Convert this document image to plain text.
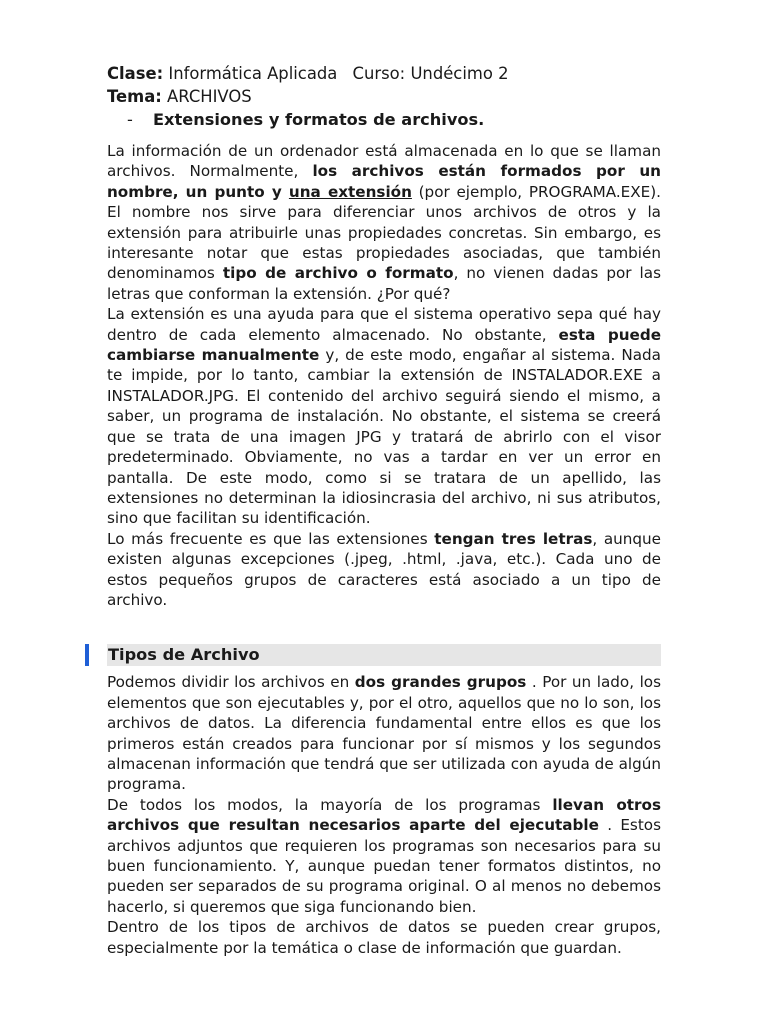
Clase: Informática Aplicada Curso: Undécimo 2
Tema: ARCHIVOS
- Extensiones y formatos de archivos.

La información de un ordenador está almacenada en lo que se llaman archivos. Normalmente, los archivos están formados por un nombre, un punto y una extensión (por ejemplo, PROGRAMA.EXE). El nombre nos sirve para diferenciar unos archivos de otros y la extensión para atribuirle unas propiedades concretas. Sin embargo, es interesante notar que estas propiedades asociadas, que también denominamos tipo de archivo o formato, no vienen dadas por las letras que conforman la extensión. ¿Por qué?

La extensión es una ayuda para que el sistema operativo sepa qué hay dentro de cada elemento almacenado. No obstante, esta puede cambiarse manualmente y, de este modo, engañar al sistema. Nada te impide, por lo tanto, cambiar la extensión de INSTALADOR.EXE a INSTALADOR.JPG. El contenido del archivo seguirá siendo el mismo, a saber, un programa de instalación. No obstante, el sistema se creerá que se trata de una imagen JPG y tratará de abrirlo con el visor predeterminado. Obviamente, no vas a tardar en ver un error en pantalla. De este modo, como si se tratara de un apellido, las extensiones no determinan la idiosincrasia del archivo, ni sus atributos, sino que facilitan su identificación.

Lo más frecuente es que las extensiones tengan tres letras, aunque existen algunas excepciones (.jpeg, .html, .java, etc.). Cada uno de estos pequeños grupos de caracteres está asociado a un tipo de archivo.

Tipos de Archivo

Podemos dividir los archivos en dos grandes grupos . Por un lado, los elementos que son ejecutables y, por el otro, aquellos que no lo son, los archivos de datos. La diferencia fundamental entre ellos es que los primeros están creados para funcionar por sí mismos y los segundos almacenan información que tendrá que ser utilizada con ayuda de algún programa.

De todos los modos, la mayoría de los programas llevan otros archivos que resultan necesarios aparte del ejecutable . Estos archivos adjuntos que requieren los programas son necesarios para su buen funcionamiento. Y, aunque puedan tener formatos distintos, no pueden ser separados de su programa original. O al menos no debemos hacerlo, si queremos que siga funcionando bien.

Dentro de los tipos de archivos de datos se pueden crear grupos, especialmente por la temática o clase de información que guardan.
